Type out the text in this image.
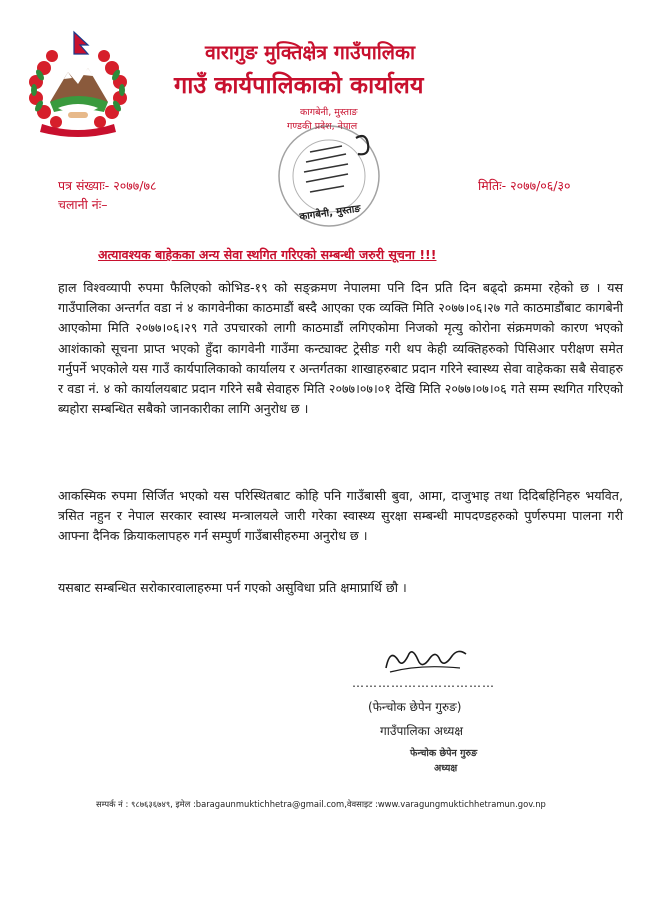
वारागुङ मुक्तिक्षेत्र गाउँपालिका
गाउँ कार्यपालिकाको कार्यालय
कागबेनी, मुस्ताङ
गण्डकी प्रदेश, नेपाल
कागबेनी, मुस्ताङ
पत्र संख्याः- २०७७/७८
चलानी नंः–
मितिः- २०७७/०६/३०
अत्यावश्यक बाहेकका अन्य सेवा स्थगित गरिएको सम्बन्धी जरुरी सूचना !!!
हाल विश्वव्यापी रुपमा फैलिएको कोभिड-१९ को सङ्क्रमण नेपालमा पनि दिन प्रति दिन बढ्दो क्रममा रहेको छ । यस गाउँपालिका अन्तर्गत वडा नं ४ कागवेनीका काठमाडौं बस्दै आएका एक व्यक्ति मिति २०७७।०६।२७ गते काठमाडौंबाट कागबेनी आएकोमा मिति २०७७।०६।२९ गते उपचारको लागी काठमाडौं लगिएकोमा निजको मृत्यु कोरोना संक्रमणको कारण भएको आशंकाको सूचना प्राप्त भएको हुँदा कागवेनी गाउँमा कन्ट्याक्ट ट्रेसीङ गरी थप केही व्यक्तिहरुको पिसिआर परीक्षण समेत गर्नुपर्ने भएकोले यस गाउँ कार्यपालिकाको कार्यालय र अन्तर्गतका शाखाहरुबाट प्रदान गरिने स्वास्थ्य सेवा वाहेकका सबै सेवाहरु र वडा नं. ४ को कार्यालयबाट प्रदान गरिने सबै सेवाहरु मिति २०७७।०७।०१ देखि मिति २०७७।०७।०६ गते सम्म स्थगित गरिएको ब्यहोरा सम्बन्धित सबैको जानकारीका लागि अनुरोध छ ।
आकस्मिक रुपमा सिर्जित भएको यस परिस्थितबाट कोहि पनि गाउँबासी बुवा, आमा, दाजुभाइ तथा दिदिबहिनिहरु भयवित, त्रसित नहुन र नेपाल सरकार स्वास्थ मन्त्रालयले जारी गरेका स्वास्थ्य सुरक्षा सम्बन्धी मापदण्डहरुको पुर्णरुपमा पालना गरी आफ्ना दैनिक क्रियाकलापहरु गर्न सम्पुर्ण गाउँबासीहरुमा अनुरोध छ ।
यसबाट सम्बन्धित सरोकारवालाहरुमा पर्न गएको असुविधा प्रति क्षमाप्रार्थि छौ ।
……………………………
(फेन्चोक छेपेन गुरुङ)
गाउँपालिका अध्यक्ष
फेन्चोक छेपेन गुरुङ
अध्यक्ष
सम्पर्क नं : ९८७६३६७४९, इमेल :baragaunmuktichhetra@gmail.com,वेवसाइट :www.varagungmuktichhetramun.gov.np
